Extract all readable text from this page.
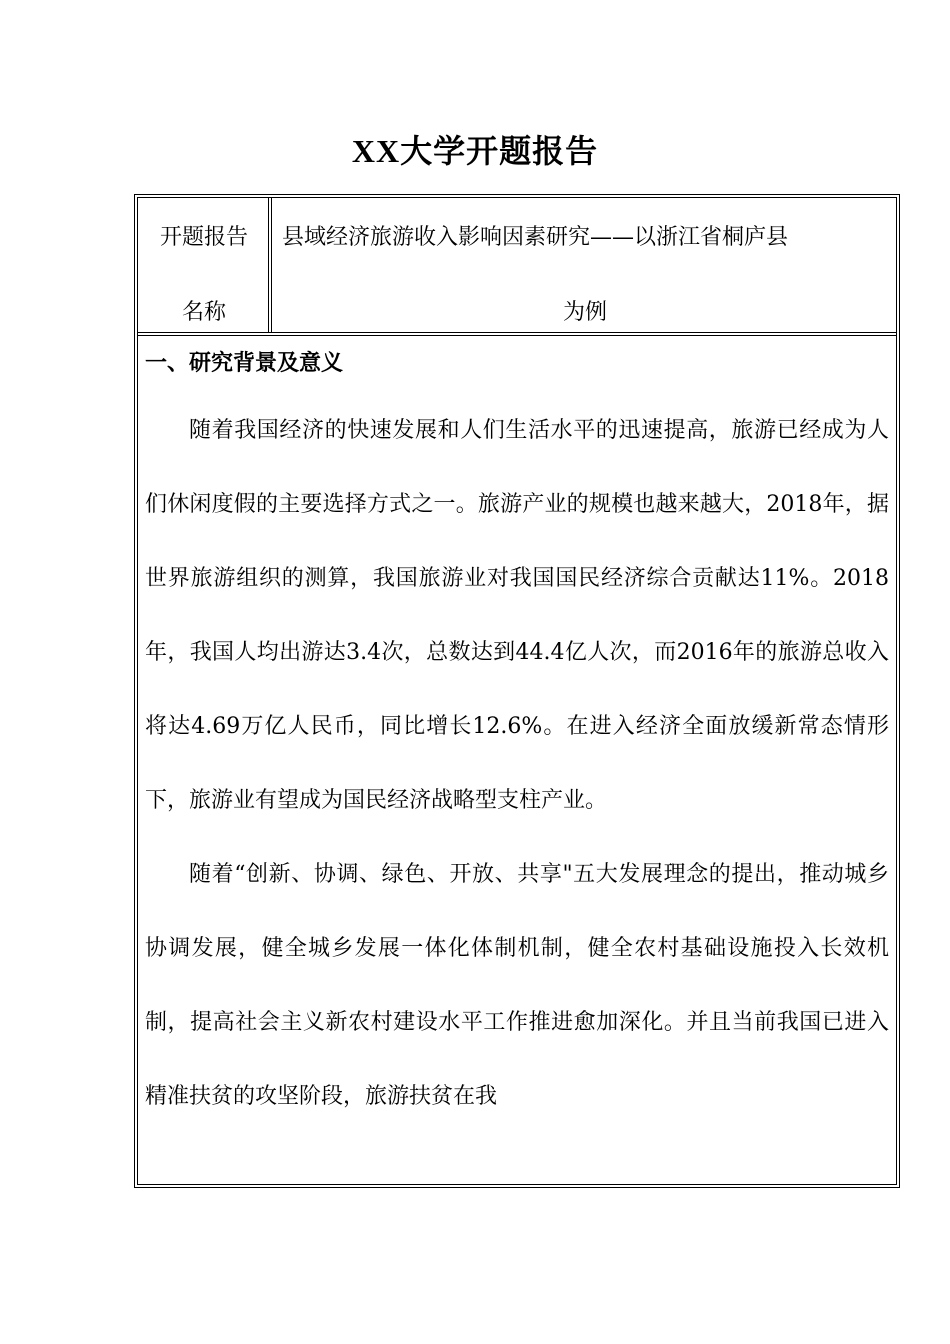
XX大学开题报告
开题报告
名称
县域经济旅游收入影响因素研究——以浙江省桐庐县
为例
一、研究背景及意义

随着我国经济的快速发展和人们生活水平的迅速提高，旅游已经成为人们休闲度假的主要选择方式之一。旅游产业的规模也越来越大，2018年，据世界旅游组织的测算，我国旅游业对我国国民经济综合贡献达11%。2018年，我国人均出游达3.4次，总数达到44.4亿人次，而2016年的旅游总收入将达4.69万亿人民币，同比增长12.6%。在进入经济全面放缓新常态情形下，旅游业有望成为国民经济战略型支柱产业。

随着“创新、协调、绿色、开放、共享"五大发展理念的提出，推动城乡协调发展，健全城乡发展一体化体制机制，健全农村基础设施投入长效机制，提高社会主义新农村建设水平工作推进愈加深化。并且当前我国已进入精准扶贫的攻坚阶段，旅游扶贫在我
